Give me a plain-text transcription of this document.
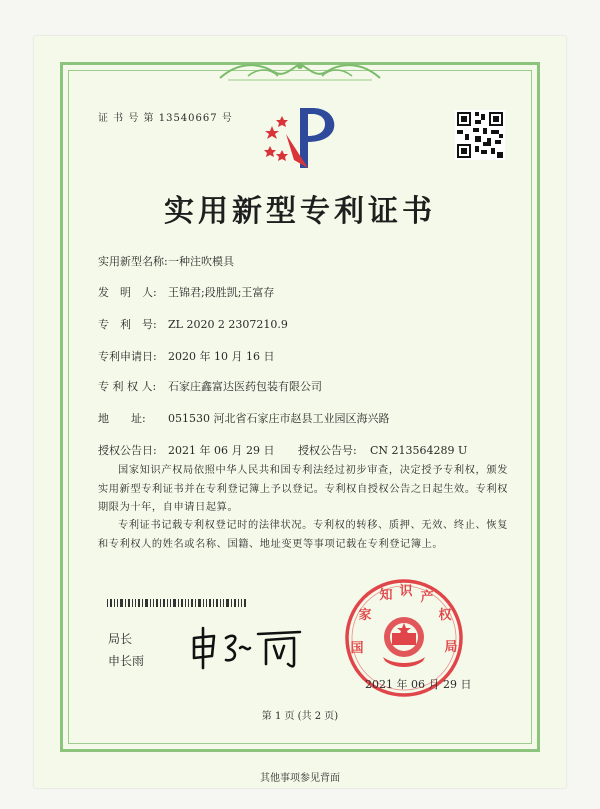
证 书 号 第 13540667 号
实用新型专利证书
实用新型名称:一种注吹模具
发　明　人: 王锦君;段胜凯;王富存
专　利　号: ZL 2020 2 2307210.9
专利申请日: 2020 年 10 月 16 日
专 利 权 人: 石家庄鑫富达医药包装有限公司
地　　址: 051530 河北省石家庄市赵县工业园区海兴路
授权公告日: 2021 年 06 月 29 日 授权公告号: CN 213564289 U
国家知识产权局依照中华人民共和国专利法经过初步审查，决定授予专利权，颁发实用新型专利证书并在专利登记簿上予以登记。专利权自授权公告之日起生效。专利权期限为十年，自申请日起算。
专利证书记载专利权登记时的法律状况。专利权的转移、质押、无效、终止、恢复和专利权人的姓名或名称、国籍、地址变更等事项记载在专利登记簿上。
局长
申长雨
国
家
知 识 产
权
局
2021 年 06 月 29 日
第 1 页 (共 2 页)
其他事项参见背面
